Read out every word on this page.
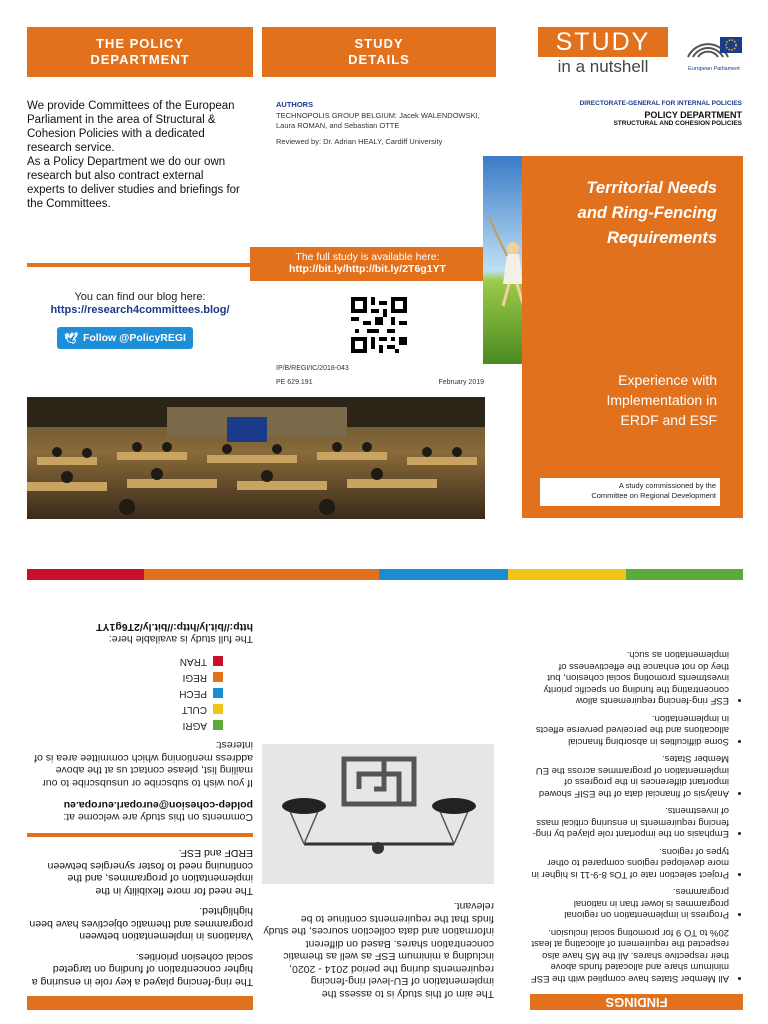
THE POLICY
DEPARTMENT
STUDY
DETAILS
STUDY
in a nutshell	European Parliament
We provide Committees of the European Parliament in the area of Structural & Cohesion Policies with a dedicated research service.
As a Policy Department we do our own research but also contract external experts to deliver studies and briefings for the Committees.
You can find our blog here:
https://research4committees.blog/
🕊 Follow @PolicyREGI
AUTHORS
TECHNOPOLIS GROUP BELGIUM: Jacek WALENDOWSKI, Laura ROMAN, and Sebastian OTTE
Reviewed by: Dr. Adrian HEALY, Cardiff University
The full study is available here:
http://bit.ly/http://bit.ly/2T6g1YT
IP/B/REGI/IC/2018-043
PE 629.191	February 2019
DIRECTORATE-GENERAL FOR INTERNAL POLICIES
POLICY DEPARTMENT
STRUCTURAL AND COHESION POLICIES
Territorial Needs
and Ring-Fencing
Requirements
Experience with
Implementation in
ERDF and ESF
A study commissioned by the
Committee on Regional Development
The ring-fencing played a key role in ensuring a higher concentration of funding on targeted social cohesion priorities.
Variations in implementation between programmes and thematic objectives have been highlighted.
The need for more flexibility in the implementation of programmes, and the continuing need to foster synergies between ERDF and ESF.
Comments on this study are welcome at:
poldep-cohesion@europarl.europa.eu
If you wish to subscribe or unsubscribe to our mailing list, please contact us at the above address mentioning which committee area is of interest:
AGRI
CULT
PECH
REGI
TRAN
The full study is available here:
http://bit.ly/http://bit.ly/2T6g1YT
The aim of this study is to assess the implementation of EU-level ring-fencing requirements during the period 2014 - 2020, including a minimum ESF as well as thematic concentration shares. Based on different information and data collection sources, the study finds that the requirements continue to be relevant.
FINDINGS
• All Member States have complied with the ESF minimum share and allocated funds above their respective shares. All the MS have also respected the requirement of allocating at least 20% to TO 9 for promoting social inclusion.
• Progress in implementation on regional programmes is lower than in national programmes.
• Project selection rate of TOs 8-9-11 is higher in more developed regions compared to other types of regions.
• Emphasis on the important role played by ring-fencing requirements in ensuring critical mass of investments.
• Analysis of financial data of the ESIF showed important differences in the progress of implementation of programmes across the EU Member States.
• Some difficulties in absorbing financial allocations and the perceived perverse effects in implementation.
• ESF ring-fencing requirements allow concentrating the funding on specific priority investments promoting social cohesion, but they do not enhance the effectiveness of implementation as such.
